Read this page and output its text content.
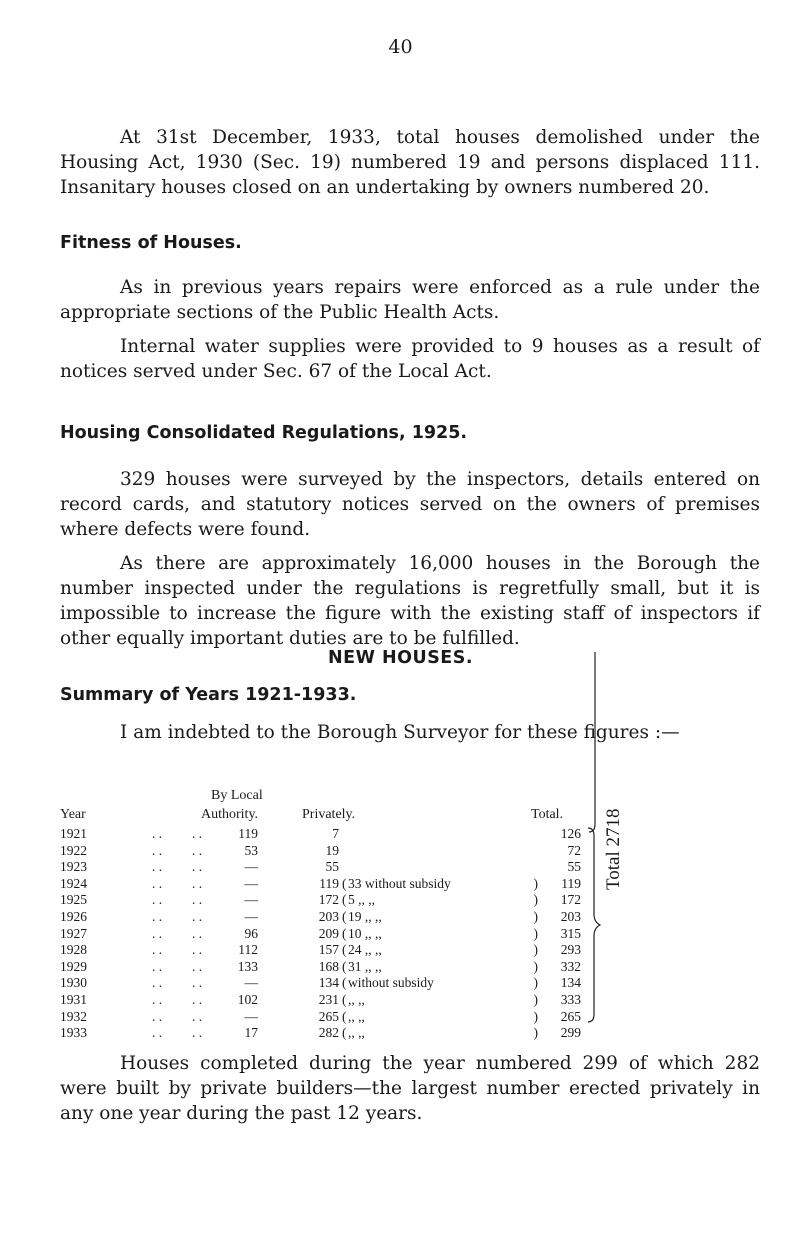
40
At 31st December, 1933, total houses demolished under the Housing Act, 1930 (Sec. 19) numbered 19 and persons displaced 111. Insanitary houses closed on an undertaking by owners numbered 20.
Fitness of Houses.
As in previous years repairs were enforced as a rule under the appropriate sections of the Public Health Acts.
Internal water supplies were provided to 9 houses as a result of notices served under Sec. 67 of the Local Act.
Housing Consolidated Regulations, 1925.
329 houses were surveyed by the inspectors, details entered on record cards, and statutory notices served on the owners of premises where defects were found.
As there are approximately 16,000 houses in the Borough the number inspected under the regulations is regretfully small, but it is impossible to increase the figure with the existing staff of inspectors if other equally important duties are to be fulfilled.
NEW HOUSES.
Summary of Years 1921-1933.
I am indebted to the Borough Surveyor for these figures :—
By Local
Year	Authority.	Privately.	Total.
1921	. . . .	119	7	126
1922	. . . .	53	19	72
1923	. . . .	—	55	55
1924	. . . .	—	119 ( 33 without subsidy	) 119
1925	. . . .	—	172 ( 5 ,, ,,	) 172
1926	. . . .	—	203 ( 19 ,, ,,	) 203
1927	. . . .	96	209 ( 10 ,, ,,	) 315
1928	. . . .	112	157 ( 24 ,, ,,	) 293
1929	. . . .	133	168 ( 31 ,, ,,	) 332
1930	. . . .	—	134 ( without subsidy	) 134
1931	. . . .	102	231 ( ,, ,,	) 333
1932	. . . .	—	265 ( ,, ,,	) 265
1933	. . . .	17	282 ( ,, ,,	) 299
Total 2718
Houses completed during the year numbered 299 of which 282 were built by private builders—the largest number erected privately in any one year during the past 12 years.
